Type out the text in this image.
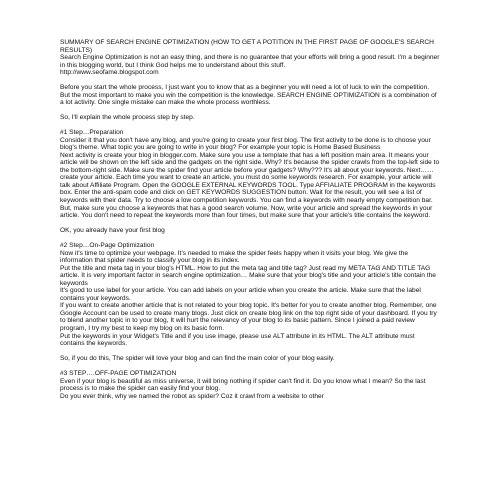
SUMMARY OF SEARCH ENGINE OPTIMIZATION (HOW TO GET A POTITION IN THE FIRST PAGE OF GOOGLE'S SEARCH RESULTS)
Search Engine Optimization is not an easy thing, and there is no guarantee that your efforts will bring a good result. I'm a beginner in this blogging world, but I think God helps me to understand about this stuff.
http://www.seofame.blogspot.com

Before you start the whole process, I just want you to know that as a beginner you will need a lot of luck to win the competition. But the most important to make you win the competition is the knowledge. SEARCH ENGINE OPTIMIZATION is a combination of a lot activity. One single mistake can make the whole process worthless.

So, I'll explain the whole process step by step.

#1 Step…Preparation
Consider it that you don't have any blog, and you're going to create your first blog. The first activity to be done is to choose your blog's theme. What topic you are going to write in your blog? For example your topic is Home Based Business
Next activity is create your blog in blogger.com. Make sure you use a template that has a left position main area. It means your article will be shown on the left side and the gadgets on the right side. Why? It's because the spider crawls from the top-left side to the bottom-right side. Make sure the spider find your article before your gadgets? Why??? It's all about your keywords. Next……create your article. Each time you want to create an article, you must do some keywords research. For example, your article will talk about Affiliate Program. Open the GOOGLE EXTERNAL KEYWORDS TOOL. Type AFFIALIATE PROGRAM in the keywords box. Enter the anti-spam code and click on GET KEYWORDS SUGGESTION button. Wait for the result, you will see a list of keywords with their data. Try to choose a low competition keywords. You can find a keywords with nearly empty competition bar. But, make sure you choose a keywords that has a good search volume. Now, write your article and spread the keywords in your article. You don't need to repeat the keywords more than four times, but make sure that your article's title contains the keyword.

OK, you already have your first blog

#2 Step…On-Page Optimization
Now it's time to optimize your webpage. It's needed to make the spider feels happy when it visits your blog. We give the information that spider needs to classify your blog in its index.
Put the title and meta tag in your blog's HTML. How to put the meta tag and title tag? Just read my META TAG AND TITLE TAG article. It is very important factor in search engine optimization… Make sure that your blog's title and your article's title contain the keywords
It's good to use label for your article. You can add labels on your article when you create the article. Make sure that the label contains your keywords.
If you want to create another article that is not related to your blog topic. It's better for you to create another blog. Remember, one Google Account can be used to create many blogs. Just click on create blog link on the top right side of your dashboard. If you try to blend another topic in to your blog, It will hurt the relevancy of your blog to its basic pattern. Since I joined a paid review program, I try my best to keep my blog on its basic form.
Put the keywords in your Widget's Title and if you use image, please use ALT attribute in its HTML. The ALT attribute must contains the keywords.

So, if you do this, The spider will love your blog and can find the main color of your blog easily.

#3 STEP….OFF-PAGE OPTIMIZATION
Even if your blog is beautiful as miss universe, it will bring nothing if spider can't find it. Do you know what I mean? So the last process is to make the spider can easily find your blog.
Do you ever think, why we named the robot as spider? Coz it crawl from a website to other
